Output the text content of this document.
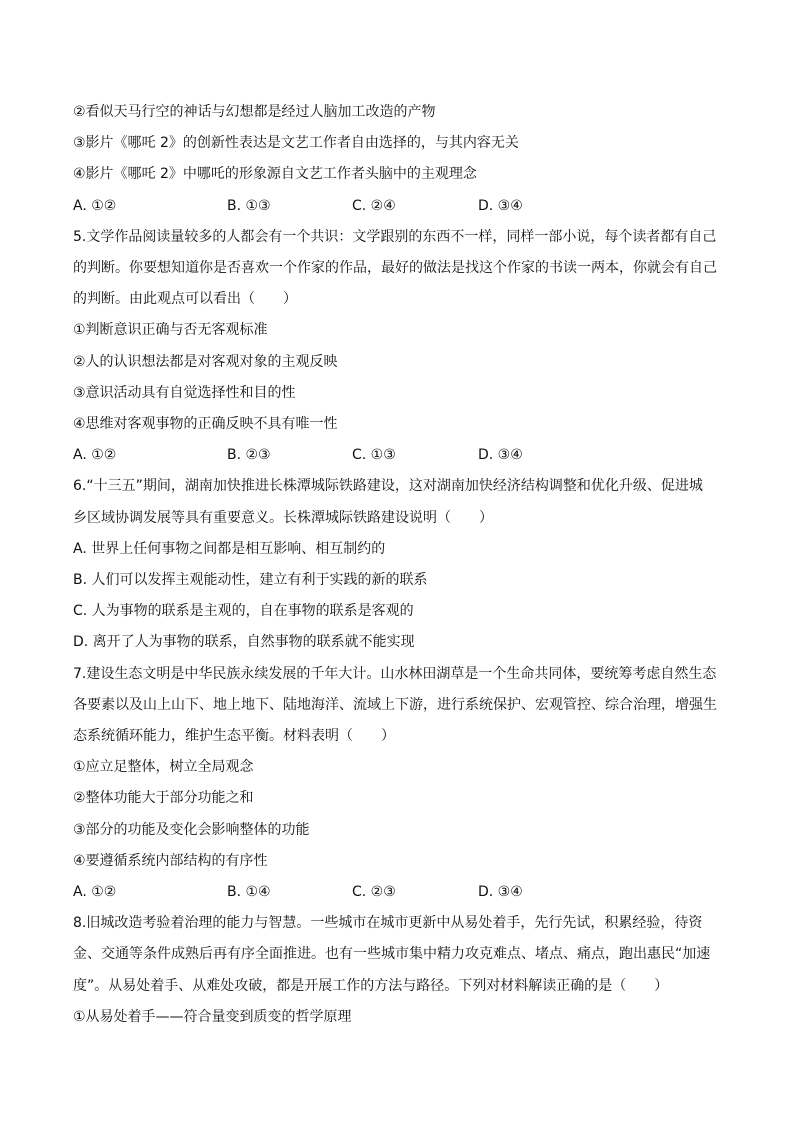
②看似天马行空的神话与幻想都是经过人脑加工改造的产物
③影片《哪吒 2》的创新性表达是文艺工作者自由选择的，与其内容无关
④影片《哪吒 2》中哪吒的形象源自文艺工作者头脑中的主观理念
A. ①②	B. ①③	C. ②④	D. ③④
5.文学作品阅读量较多的人都会有一个共识：文学跟别的东西不一样，同样一部小说，每个读者都有自己
的判断。你要想知道你是否喜欢一个作家的作品，最好的做法是找这个作家的书读一两本，你就会有自己
的判断。由此观点可以看出（　　）
①判断意识正确与否无客观标准
②人的认识想法都是对客观对象的主观反映
③意识活动具有自觉选择性和目的性
④思维对客观事物的正确反映不具有唯一性
A. ①②	B. ②③	C. ①③	D. ③④
6.“十三五”期间，湖南加快推进长株潭城际铁路建设，这对湖南加快经济结构调整和优化升级、促进城
乡区域协调发展等具有重要意义。长株潭城际铁路建设说明（　　）
A. 世界上任何事物之间都是相互影响、相互制约的
B. 人们可以发挥主观能动性，建立有利于实践的新的联系
C. 人为事物的联系是主观的，自在事物的联系是客观的
D. 离开了人为事物的联系，自然事物的联系就不能实现
7.建设生态文明是中华民族永续发展的千年大计。山水林田湖草是一个生命共同体，要统筹考虑自然生态
各要素以及山上山下、地上地下、陆地海洋、流域上下游，进行系统保护、宏观管控、综合治理，增强生
态系统循环能力，维护生态平衡。材料表明（　　）
①应立足整体，树立全局观念
②整体功能大于部分功能之和
③部分的功能及变化会影响整体的功能
④要遵循系统内部结构的有序性
A. ①②	B. ①④	C. ②③	D. ③④
8.旧城改造考验着治理的能力与智慧。一些城市在城市更新中从易处着手，先行先试，积累经验，待资
金、交通等条件成熟后再有序全面推进。也有一些城市集中精力攻克难点、堵点、痛点，跑出惠民“加速
度”。从易处着手、从难处攻破，都是开展工作的方法与路径。下列对材料解读正确的是（　　）
①从易处着手——符合量变到质变的哲学原理
